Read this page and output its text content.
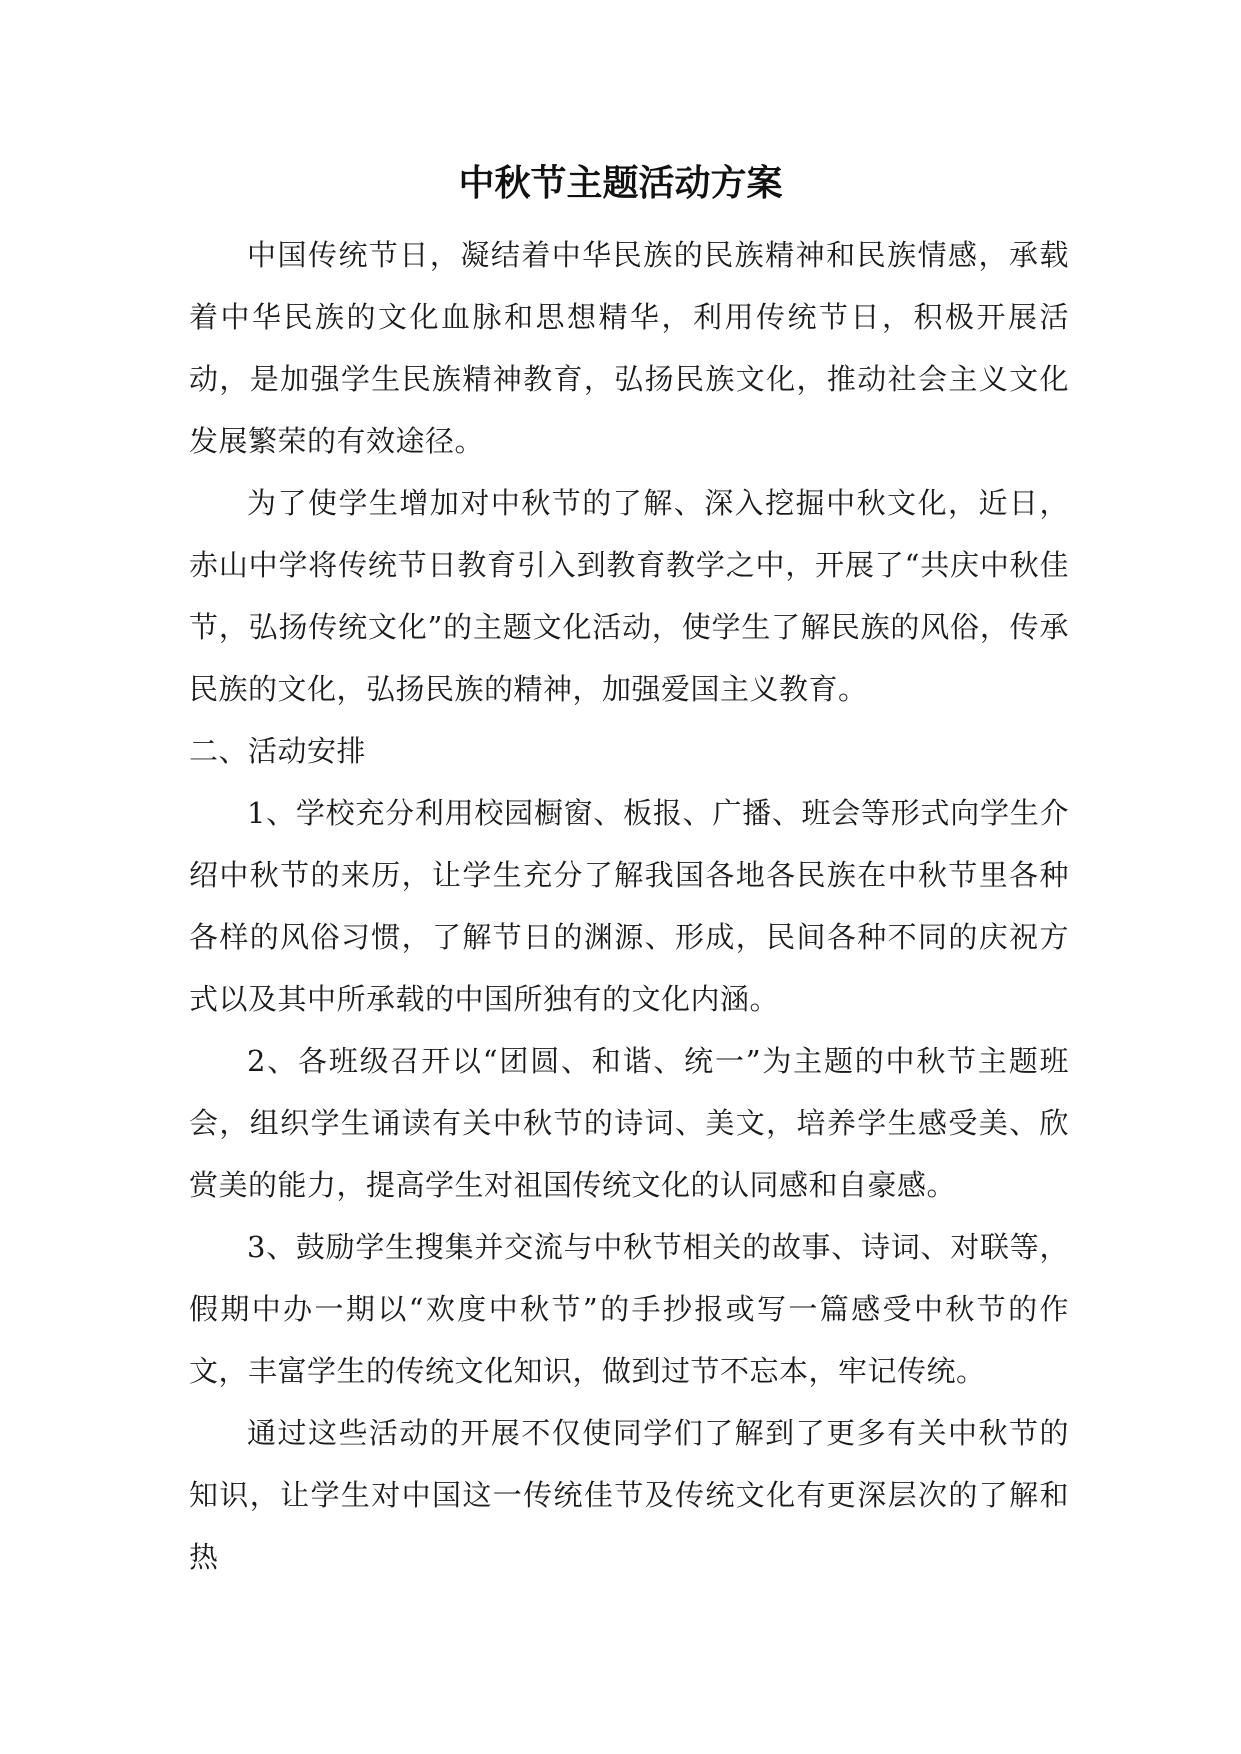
中秋节主题活动方案

中国传统节日，凝结着中华民族的民族精神和民族情感，承载着中华民族的文化血脉和思想精华，利用传统节日，积极开展活动，是加强学生民族精神教育，弘扬民族文化，推动社会主义文化发展繁荣的有效途径。

为了使学生增加对中秋节的了解、深入挖掘中秋文化，近日，赤山中学将传统节日教育引入到教育教学之中，开展了“共庆中秋佳节，弘扬传统文化”的主题文化活动，使学生了解民族的风俗，传承民族的文化，弘扬民族的精神，加强爱国主义教育。

二、活动安排

1、学校充分利用校园橱窗、板报、广播、班会等形式向学生介绍中秋节的来历，让学生充分了解我国各地各民族在中秋节里各种各样的风俗习惯，了解节日的渊源、形成，民间各种不同的庆祝方式以及其中所承载的中国所独有的文化内涵。

2、各班级召开以“团圆、和谐、统一”为主题的中秋节主题班会，组织学生诵读有关中秋节的诗词、美文，培养学生感受美、欣赏美的能力，提高学生对祖国传统文化的认同感和自豪感。

3、鼓励学生搜集并交流与中秋节相关的故事、诗词、对联等，假期中办一期以“欢度中秋节”的手抄报或写一篇感受中秋节的作文，丰富学生的传统文化知识，做到过节不忘本，牢记传统。

通过这些活动的开展不仅使同学们了解到了更多有关中秋节的知识，让学生对中国这一传统佳节及传统文化有更深层次的了解和热
